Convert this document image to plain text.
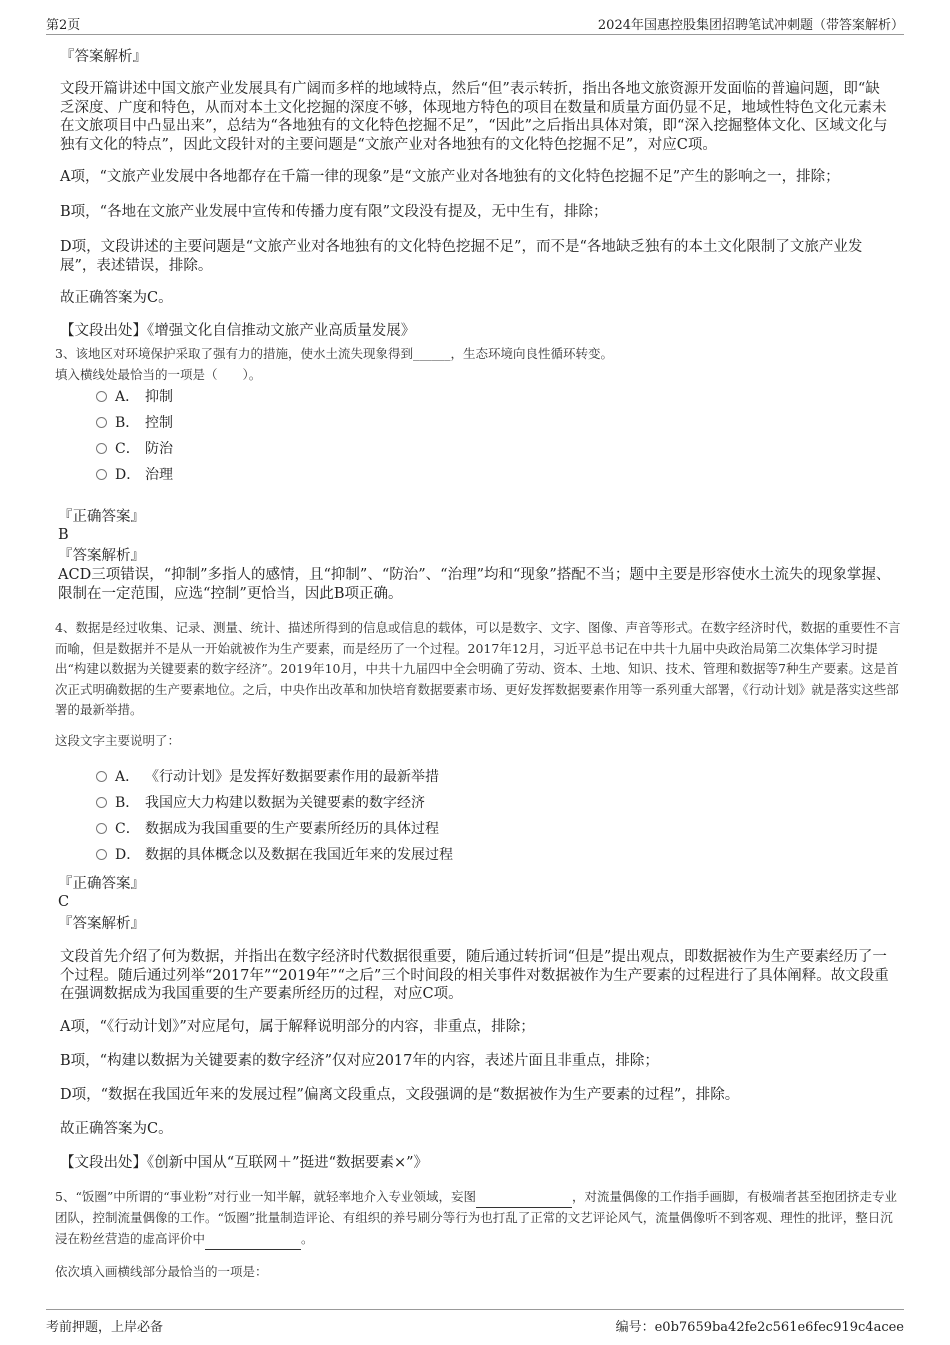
第2页	2024年国惠控股集团招聘笔试冲刺题（带答案解析）
『答案解析』
文段开篇讲述中国文旅产业发展具有广阔而多样的地域特点，然后“但”表示转折，指出各地文旅资源开发面临的普遍问题，即“缺乏深度、广度和特色，从而对本土文化挖掘的深度不够，体现地方特色的项目在数量和质量方面仍显不足，地域性特色文化元素未在文旅项目中凸显出来”，总结为“各地独有的文化特色挖掘不足”，“因此”之后指出具体对策，即“深入挖掘整体文化、区域文化与独有文化的特点”，因此文段针对的主要问题是“文旅产业对各地独有的文化特色挖掘不足”，对应C项。
A项，“文旅产业发展中各地都存在千篇一律的现象”是“文旅产业对各地独有的文化特色挖掘不足”产生的影响之一，排除；
B项，“各地在文旅产业发展中宣传和传播力度有限”文段没有提及，无中生有，排除；
D项，文段讲述的主要问题是“文旅产业对各地独有的文化特色挖掘不足”，而不是“各地缺乏独有的本土文化限制了文旅产业发展”，表述错误，排除。
故正确答案为C。
【文段出处】《增强文化自信推动文旅产业高质量发展》
3、该地区对环境保护采取了强有力的措施，使水土流失现象得到______，生态环境向良性循环转变。
填入横线处最恰当的一项是（　　）。
A． 抑制
B． 控制
C． 防治
D． 治理
『正确答案』
B
『答案解析』
ACD三项错误，“抑制”多指人的感情，且“抑制”、“防治”、“治理”均和“现象”搭配不当；题中主要是形容使水土流失的现象掌握、限制在一定范围，应选“控制”更恰当，因此B项正确。
4、数据是经过收集、记录、测量、统计、描述所得到的信息或信息的载体，可以是数字、文字、图像、声音等形式。在数字经济时代，数据的重要性不言而喻，但是数据并不是从一开始就被作为生产要素，而是经历了一个过程。2017年12月，习近平总书记在中共十九届中央政治局第二次集体学习时提出“构建以数据为关键要素的数字经济”。2019年10月，中共十九届四中全会明确了劳动、资本、土地、知识、技术、管理和数据等7种生产要素。这是首次正式明确数据的生产要素地位。之后，中央作出改革和加快培育数据要素市场、更好发挥数据要素作用等一系列重大部署，《行动计划》就是落实这些部署的最新举措。
这段文字主要说明了：
A． 《行动计划》是发挥好数据要素作用的最新举措
B． 我国应大力构建以数据为关键要素的数字经济
C． 数据成为我国重要的生产要素所经历的具体过程
D． 数据的具体概念以及数据在我国近年来的发展过程
『正确答案』
C
『答案解析』
文段首先介绍了何为数据，并指出在数字经济时代数据很重要，随后通过转折词“但是”提出观点，即数据被作为生产要素经历了一个过程。随后通过列举“2017年”“2019年”“之后”三个时间段的相关事件对数据被作为生产要素的过程进行了具体阐释。故文段重在强调数据成为我国重要的生产要素所经历的过程，对应C项。
A项，“《行动计划》”对应尾句，属于解释说明部分的内容，非重点，排除；
B项，“构建以数据为关键要素的数字经济”仅对应2017年的内容，表述片面且非重点，排除；
D项，“数据在我国近年来的发展过程”偏离文段重点，文段强调的是“数据被作为生产要素的过程”，排除。
故正确答案为C。
【文段出处】《创新中国从“互联网＋”挺进“数据要素×”》
5、“饭圈”中所谓的“事业粉”对行业一知半解，就轻率地介入专业领域，妄图	，对流量偶像的工作指手画脚，有极端者甚至抱团挤走专业团队，控制流量偶像的工作。“饭圈”批量制造评论、有组织的养号刷分等行为也打乱了正常的文艺评论风气，流量偶像听不到客观、理性的批评，整日沉浸在粉丝营造的虚高评价中	。
依次填入画横线部分最恰当的一项是：
考前押题，上岸必备	编号：e0b7659ba42fe2c561e6fec919c4acee
